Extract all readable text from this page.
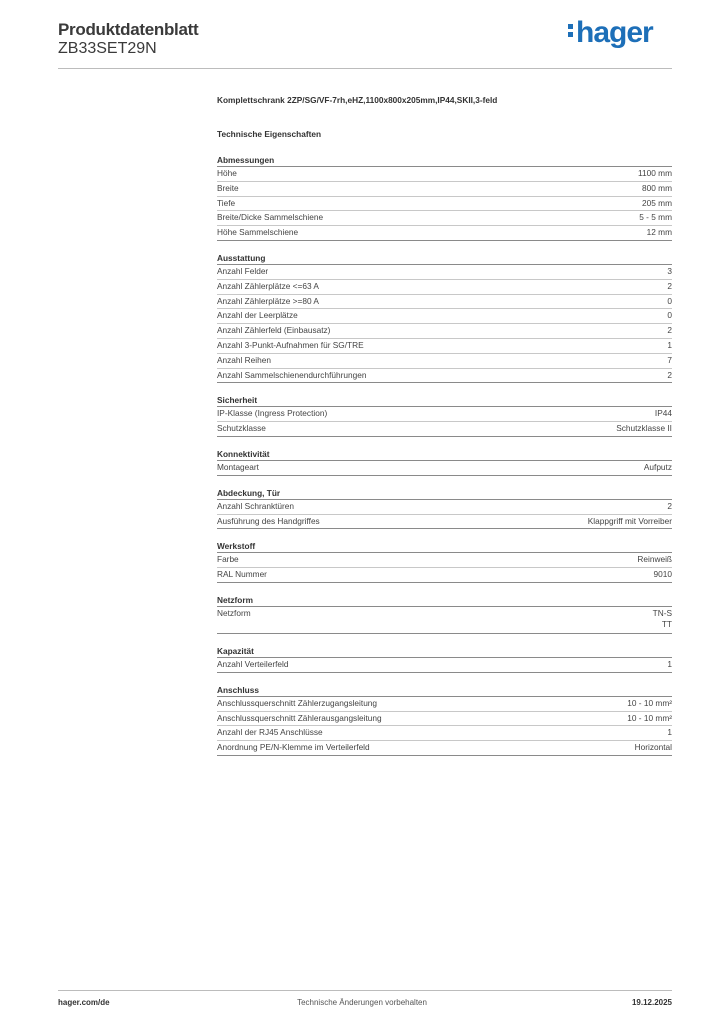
Produktdatenblatt
ZB33SET29N	hager
Komplettschrank 2ZP/SG/VF-7rh,eHZ,1100x800x205mm,IP44,SKII,3-feld
Technische Eigenschaften
Abmessungen
Höhe	1100 mm
Breite	800 mm
Tiefe	205 mm
Breite/Dicke Sammelschiene	5 - 5 mm
Höhe Sammelschiene	12 mm
Ausstattung
Anzahl Felder	3
Anzahl Zählerplätze <=63 A	2
Anzahl Zählerplätze >=80 A	0
Anzahl der Leerplätze	0
Anzahl Zählerfeld (Einbausatz)	2
Anzahl 3-Punkt-Aufnahmen für SG/TRE	1
Anzahl Reihen	7
Anzahl Sammelschienendurchführungen	2
Sicherheit
IP-Klasse (Ingress Protection)	IP44
Schutzklasse	Schutzklasse II
Konnektivität
Montageart	Aufputz
Abdeckung, Tür
Anzahl Schranktüren	2
Ausführung des Handgriffes	Klappgriff mit Vorreiber
Werkstoff
Farbe	Reinweiß
RAL Nummer	9010
Netzform
Netzform	TN-S
TT
Kapazität
Anzahl Verteilerfeld	1
Anschluss
Anschlussquerschnitt Zählerzugangsleitung	10 - 10 mm²
Anschlussquerschnitt Zählerausgangsleitung	10 - 10 mm²
Anzahl der RJ45 Anschlüsse	1
Anordnung PE/N-Klemme im Verteilerfeld	Horizontal
hager.com/de	Technische Änderungen vorbehalten	19.12.2025
